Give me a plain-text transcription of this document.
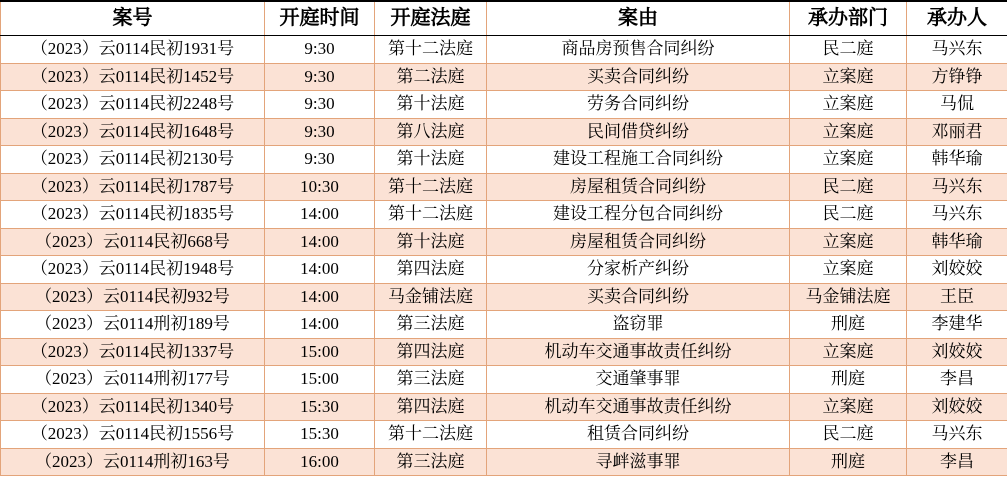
案号	开庭时间	开庭法庭	案由	承办部门	承办人
（2023）云0114民初1931号	9:30	第十二法庭	商品房预售合同纠纷	民二庭	马兴东
（2023）云0114民初1452号	9:30	第二法庭	买卖合同纠纷	立案庭	方铮铮
（2023）云0114民初2248号	9:30	第十法庭	劳务合同纠纷	立案庭	马侃
（2023）云0114民初1648号	9:30	第八法庭	民间借贷纠纷	立案庭	邓丽君
（2023）云0114民初2130号	9:30	第十法庭	建设工程施工合同纠纷	立案庭	韩华瑜
（2023）云0114民初1787号	10:30	第十二法庭	房屋租赁合同纠纷	民二庭	马兴东
（2023）云0114民初1835号	14:00	第十二法庭	建设工程分包合同纠纷	民二庭	马兴东
（2023）云0114民初668号	14:00	第十法庭	房屋租赁合同纠纷	立案庭	韩华瑜
（2023）云0114民初1948号	14:00	第四法庭	分家析产纠纷	立案庭	刘姣姣
（2023）云0114民初932号	14:00	马金铺法庭	买卖合同纠纷	马金铺法庭	王臣
（2023）云0114刑初189号	14:00	第三法庭	盗窃罪	刑庭	李建华
（2023）云0114民初1337号	15:00	第四法庭	机动车交通事故责任纠纷	立案庭	刘姣姣
（2023）云0114刑初177号	15:00	第三法庭	交通肇事罪	刑庭	李昌
（2023）云0114民初1340号	15:30	第四法庭	机动车交通事故责任纠纷	立案庭	刘姣姣
（2023）云0114民初1556号	15:30	第十二法庭	租赁合同纠纷	民二庭	马兴东
（2023）云0114刑初163号	16:00	第三法庭	寻衅滋事罪	刑庭	李昌
